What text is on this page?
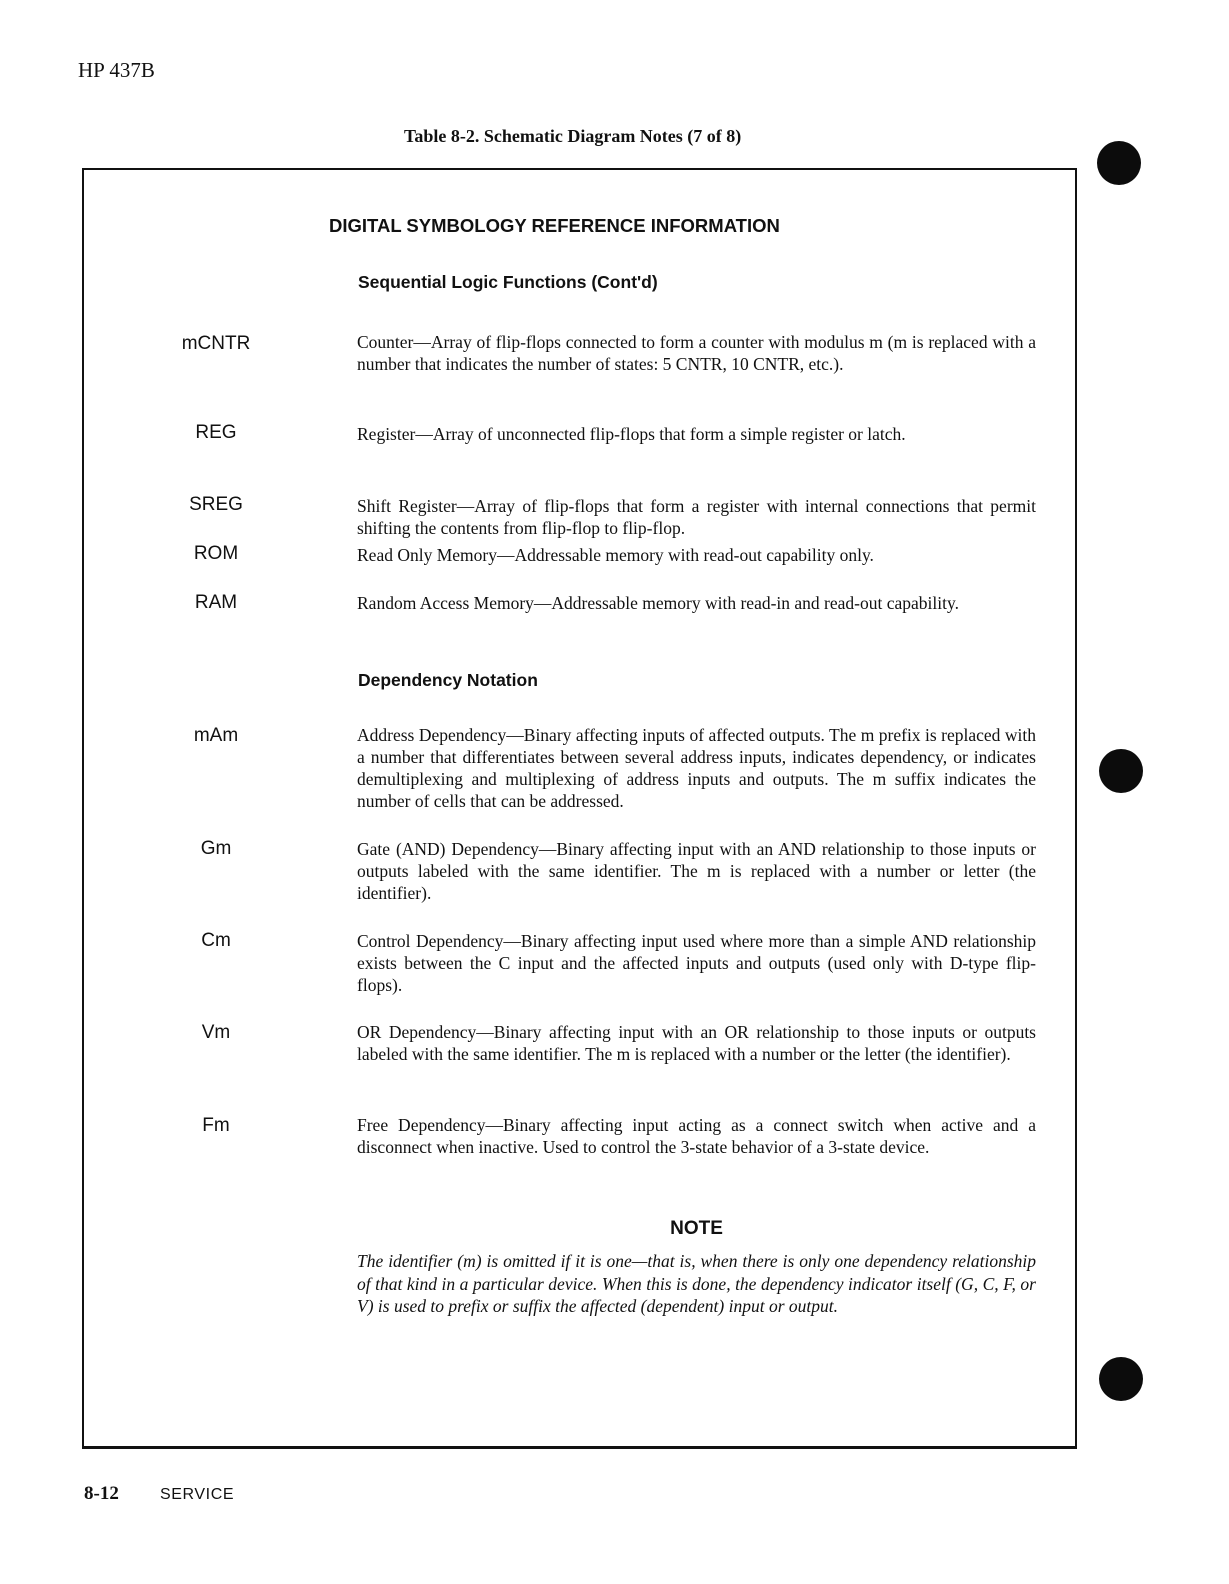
HP 437B
Table 8-2. Schematic Diagram Notes (7 of 8)
DIGITAL SYMBOLOGY REFERENCE INFORMATION
Sequential Logic Functions (Cont'd)
mCNTR	Counter—Array of flip-flops connected to form a counter with modulus m (m is replaced with a number that indicates the number of states: 5 CNTR, 10 CNTR, etc.).
REG	Register—Array of unconnected flip-flops that form a simple register or latch.
SREG	Shift Register—Array of flip-flops that form a register with internal connections that permit shifting the contents from flip-flop to flip-flop.
ROM	Read Only Memory—Addressable memory with read-out capability only.
RAM	Random Access Memory—Addressable memory with read-in and read-out capability.
Dependency Notation
mAm	Address Dependency—Binary affecting inputs of affected outputs. The m prefix is replaced with a number that differentiates between several address inputs, indicates dependency, or indicates demultiplexing and multiplexing of address inputs and outputs. The m suffix indicates the number of cells that can be addressed.
Gm	Gate (AND) Dependency—Binary affecting input with an AND relationship to those inputs or outputs labeled with the same identifier. The m is replaced with a number or letter (the identifier).
Cm	Control Dependency—Binary affecting input used where more than a simple AND relationship exists between the C input and the affected inputs and outputs (used only with D-type flip-flops).
Vm	OR Dependency—Binary affecting input with an OR relationship to those inputs or outputs labeled with the same identifier. The m is replaced with a number or the letter (the identifier).
Fm	Free Dependency—Binary affecting input acting as a connect switch when active and a disconnect when inactive. Used to control the 3-state behavior of a 3-state device.
NOTE
The identifier (m) is omitted if it is one—that is, when there is only one dependency relationship of that kind in a particular device. When this is done, the dependency indicator itself (G, C, F, or V) is used to prefix or suffix the affected (dependent) input or output.
8-12	SERVICE
